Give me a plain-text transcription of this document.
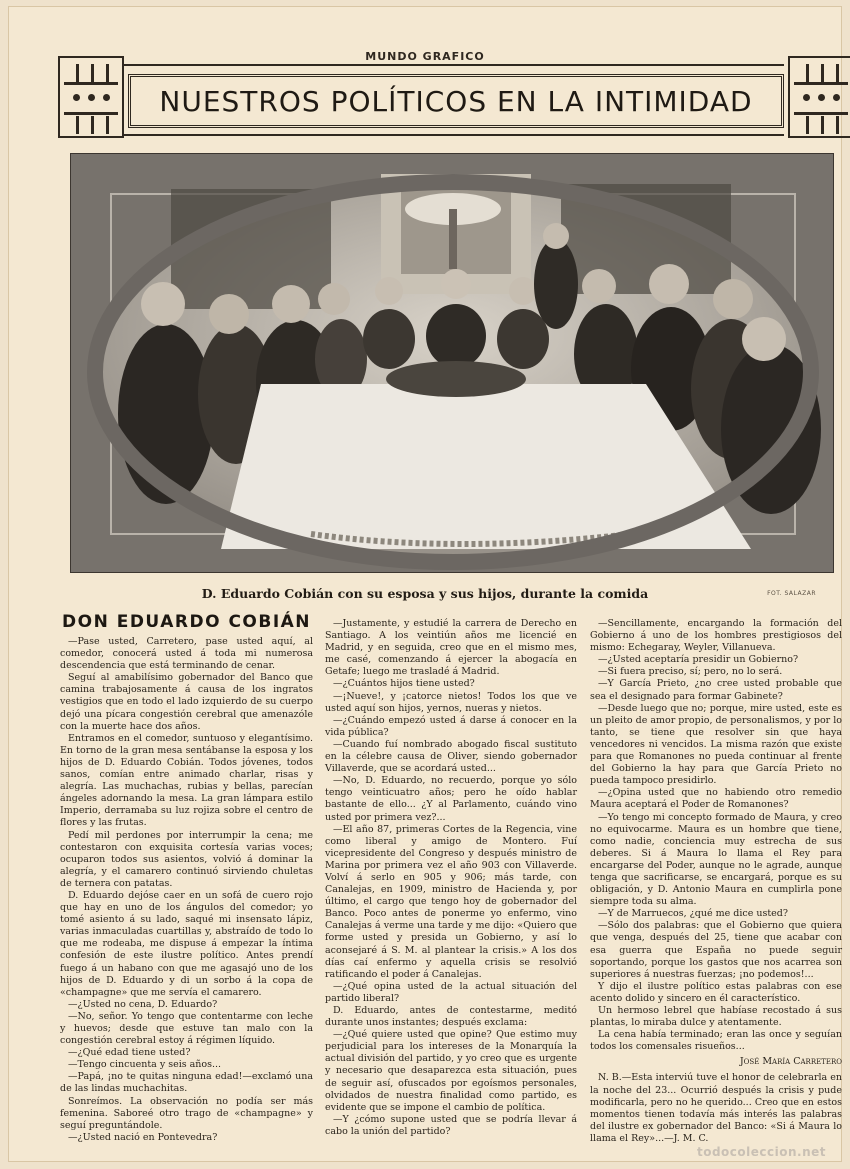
MUNDO GRAFICO
NUESTROS POLÍTICOS EN LA INTIMIDAD
D. Eduardo Cobián con su esposa y sus hijos, durante la comida	FOT. SALAZAR
DON EDUARDO COBIÁN

—Pase usted, Carretero, pase usted aquí, al comedor, conocerá usted á toda mi numerosa descendencia que está terminando de cenar.

Seguí al amabilísimo gobernador del Banco que camina trabajosamente á causa de los ingratos vestigios que en todo el lado izquierdo de su cuerpo dejó una pícara congestión cerebral que amenazóle con la muerte hace dos años.

Entramos en el comedor, suntuoso y elegantísimo. En torno de la gran mesa sentábanse la esposa y los hijos de D. Eduardo Cobián. Todos jóvenes, todos sanos, comían entre animado charlar, risas y alegría. Las muchachas, rubias y bellas, parecían ángeles adornando la mesa. La gran lámpara estilo Imperio, derramaba su luz rojiza sobre el centro de flores y las frutas.

Pedí mil perdones por interrumpir la cena; me contestaron con exquisita cortesía varias voces; ocuparon todos sus asientos, volvió á dominar la alegría, y el camarero continuó sirviendo chuletas de ternera con patatas.

D. Eduardo dejóse caer en un sofá de cuero rojo que hay en uno de los ángulos del comedor; yo tomé asiento á su lado, saqué mi insensato lápiz, varias inmaculadas cuartillas y, abstraído de todo lo que me rodeaba, me dispuse á empezar la íntima confesión de este ilustre político. Antes prendí fuego á un habano con que me agasajó uno de los hijos de D. Eduardo y di un sorbo á la copa de «champagne» que me servía el camarero.

—¿Usted no cena, D. Eduardo?

—No, señor. Yo tengo que contentarme con leche y huevos; desde que estuve tan malo con la congestión cerebral estoy á régimen líquido.

—¿Qué edad tiene usted?

—Tengo cincuenta y seis años...

—Papá, ¡no te quitas ninguna edad!—exclamó una de las lindas muchachitas.

Sonreímos. La observación no podía ser más femenina. Saboreé otro trago de «champagne» y seguí preguntándole.

—¿Usted nació en Pontevedra?

—Justamente, y estudié la carrera de Derecho en Santiago. A los veintiún años me licencié en Madrid, y en seguida, creo que en el mismo mes, me casé, comenzando á ejercer la abogacía en Getafe; luego me trasladé á Madrid.

—¿Cuántos hijos tiene usted?

—¡Nueve!, y ¡catorce nietos! Todos los que ve usted aquí son hijos, yernos, nueras y nietos.

—¿Cuándo empezó usted á darse á conocer en la vida pública?

—Cuando fuí nombrado abogado fiscal sustituto en la célebre causa de Oliver, siendo gobernador Villaverde, que se acordará usted...

—No, D. Eduardo, no recuerdo, porque yo sólo tengo veinticuatro años; pero he oído hablar bastante de ello... ¿Y al Parlamento, cuándo vino usted por primera vez?...

—El año 87, primeras Cortes de la Regencia, vine como liberal y amigo de Montero. Fuí vicepresidente del Congreso y después ministro de Marina por primera vez el año 903 con Villaverde. Volví á serlo en 905 y 906; más tarde, con Canalejas, en 1909, ministro de Hacienda y, por último, el cargo que tengo hoy de gobernador del Banco. Poco antes de ponerme yo enfermo, vino Canalejas á verme una tarde y me dijo: «Quiero que forme usted y presida un Gobierno, y así lo aconsejaré á S. M. al plantear la crisis.» A los dos días caí enfermo y aquella crisis se resolvió ratificando el poder á Canalejas.

—¿Qué opina usted de la actual situación del partido liberal?

D. Eduardo, antes de contestarme, meditó durante unos instantes; después exclama:

—¿Qué quiere usted que opine? Que estimo muy perjudicial para los intereses de la Monarquía la actual división del partido, y yo creo que es urgente y necesario que desaparezca esta situación, pues de seguir así, ofuscados por egoísmos personales, olvidados de nuestra finalidad como partido, es evidente que se impone el cambio de política.

—Y ¿cómo supone usted que se podría llevar á cabo la unión del partido?

—Sencillamente, encargando la formación del Gobierno á uno de los hombres prestigiosos del mismo: Echegaray, Weyler, Villanueva.

—¿Usted aceptaría presidir un Gobierno?

—Si fuera preciso, sí; pero, no lo será.

—Y García Prieto, ¿no cree usted probable que sea el designado para formar Gabinete?

—Desde luego que no; porque, mire usted, este es un pleito de amor propio, de personalismos, y por lo tanto, se tiene que resolver sin que haya vencedores ni vencidos. La misma razón que existe para que Romanones no pueda continuar al frente del Gobierno la hay para que García Prieto no pueda tampoco presidirlo.

—¿Opina usted que no habiendo otro remedio Maura aceptará el Poder de Romanones?

—Yo tengo mi concepto formado de Maura, y creo no equivocarme. Maura es un hombre que tiene, como nadie, conciencia muy estrecha de sus deberes. Si á Maura lo llama el Rey para encargarse del Poder, aunque no le agrade, aunque tenga que sacrificarse, se encargará, porque es su obligación, y D. Antonio Maura en cumplirla pone siempre toda su alma.

—Y de Marruecos, ¿qué me dice usted?

—Sólo dos palabras: que el Gobierno que quiera que venga, después del 25, tiene que acabar con esa guerra que España no puede seguir soportando, porque los gastos que nos acarrea son superiores á nuestras fuerzas; ¡no podemos!...

Y dijo el ilustre político estas palabras con ese acento dolido y sincero en él característico.

Un hermoso lebrel que habíase recostado á sus plantas, lo miraba dulce y atentamente.

La cena había terminado; eran las once y seguían todos los comensales risueños...

José María Carretero

N. B.—Esta interviú tuve el honor de celebrarla en la noche del 23... Ocurrió después la crisis y pude modificarla, pero no he querido... Creo que en estos momentos tienen todavía más interés las palabras del ilustre ex gobernador del Banco: «Si á Maura lo llama el Rey»...—J. M. C.

todocoleccion.net
